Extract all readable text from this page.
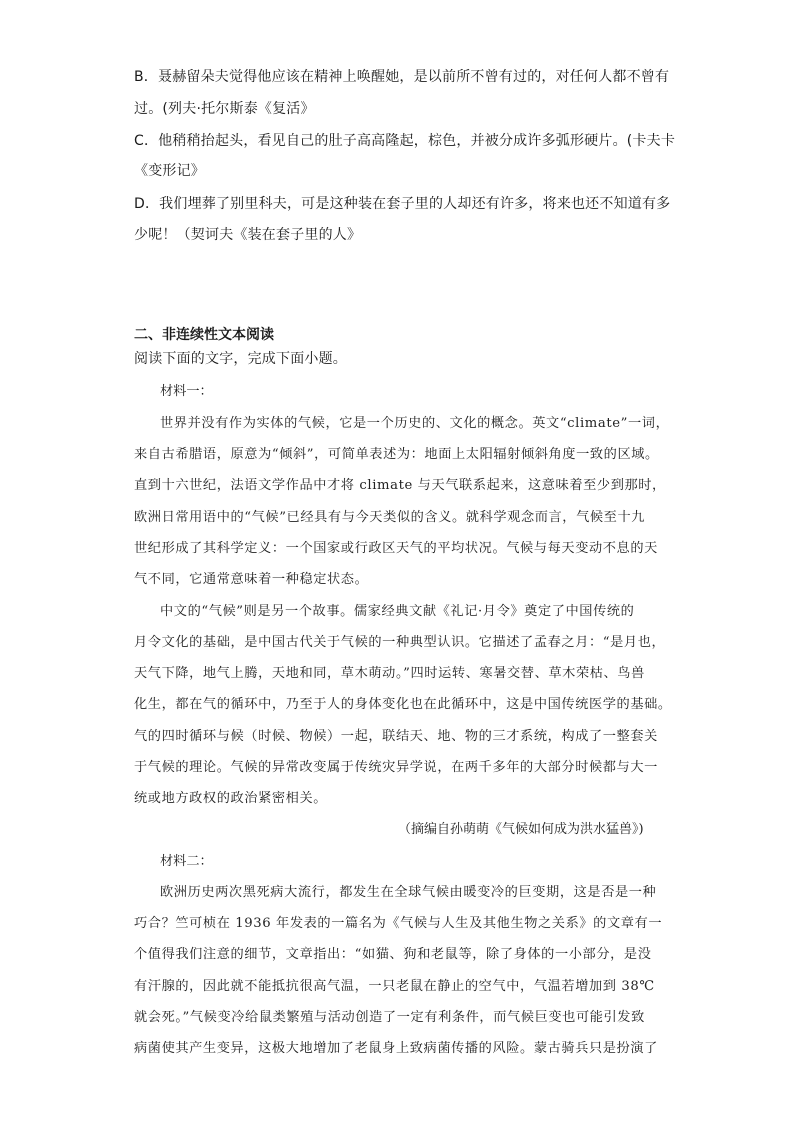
B．聂赫留朵夫觉得他应该在精神上唤醒她，是以前所不曾有过的，对任何人都不曾有
过。(列夫·托尔斯泰《复活》
C．他稍稍抬起头，看见自己的肚子高高隆起，棕色，并被分成许多弧形硬片。(卡夫卡
《变形记》
D．我们埋葬了别里科夫，可是这种装在套子里的人却还有许多，将来也还不知道有多
少呢！（契诃夫《装在套子里的人》
二、非连续性文本阅读
阅读下面的文字，完成下面小题。
材料一：
世界并没有作为实体的气候，它是一个历史的、文化的概念。英文“climate”一词，
来自古希腊语，原意为“倾斜”，可简单表述为：地面上太阳辐射倾斜角度一致的区域。
直到十六世纪，法语文学作品中才将 climate 与天气联系起来，这意味着至少到那时，
欧洲日常用语中的“气候”已经具有与今天类似的含义。就科学观念而言，气候至十九
世纪形成了其科学定义：一个国家或行政区天气的平均状况。气候与每天变动不息的天
气不同，它通常意味着一种稳定状态。
中文的“气候”则是另一个故事。儒家经典文献《礼记·月令》奠定了中国传统的
月令文化的基础，是中国古代关于气候的一种典型认识。它描述了孟春之月：“是月也，
天气下降，地气上腾，天地和同，草木萌动。”四时运转、寒暑交替、草木荣枯、鸟兽
化生，都在气的循环中，乃至于人的身体变化也在此循环中，这是中国传统医学的基础。
气的四时循环与候（时候、物候）一起，联结天、地、物的三才系统，构成了一整套关
于气候的理论。气候的异常改变属于传统灾异学说，在两千多年的大部分时候都与大一
统或地方政权的政治紧密相关。
（摘编自孙萌萌《气候如何成为洪水猛兽》)
材料二：
欧洲历史两次黑死病大流行，都发生在全球气候由暖变冷的巨变期，这是否是一种
巧合？竺可桢在 1936 年发表的一篇名为《气候与人生及其他生物之关系》的文章有一
个值得我们注意的细节，文章指出：“如猫、狗和老鼠等，除了身体的一小部分，是没
有汗腺的，因此就不能抵抗很高气温，一只老鼠在静止的空气中，气温若增加到 38℃
就会死。”气候变冷给鼠类繁殖与活动创造了一定有利条件，而气候巨变也可能引发致
病菌使其产生变异，这极大地增加了老鼠身上致病菌传播的风险。蒙古骑兵只是扮演了
